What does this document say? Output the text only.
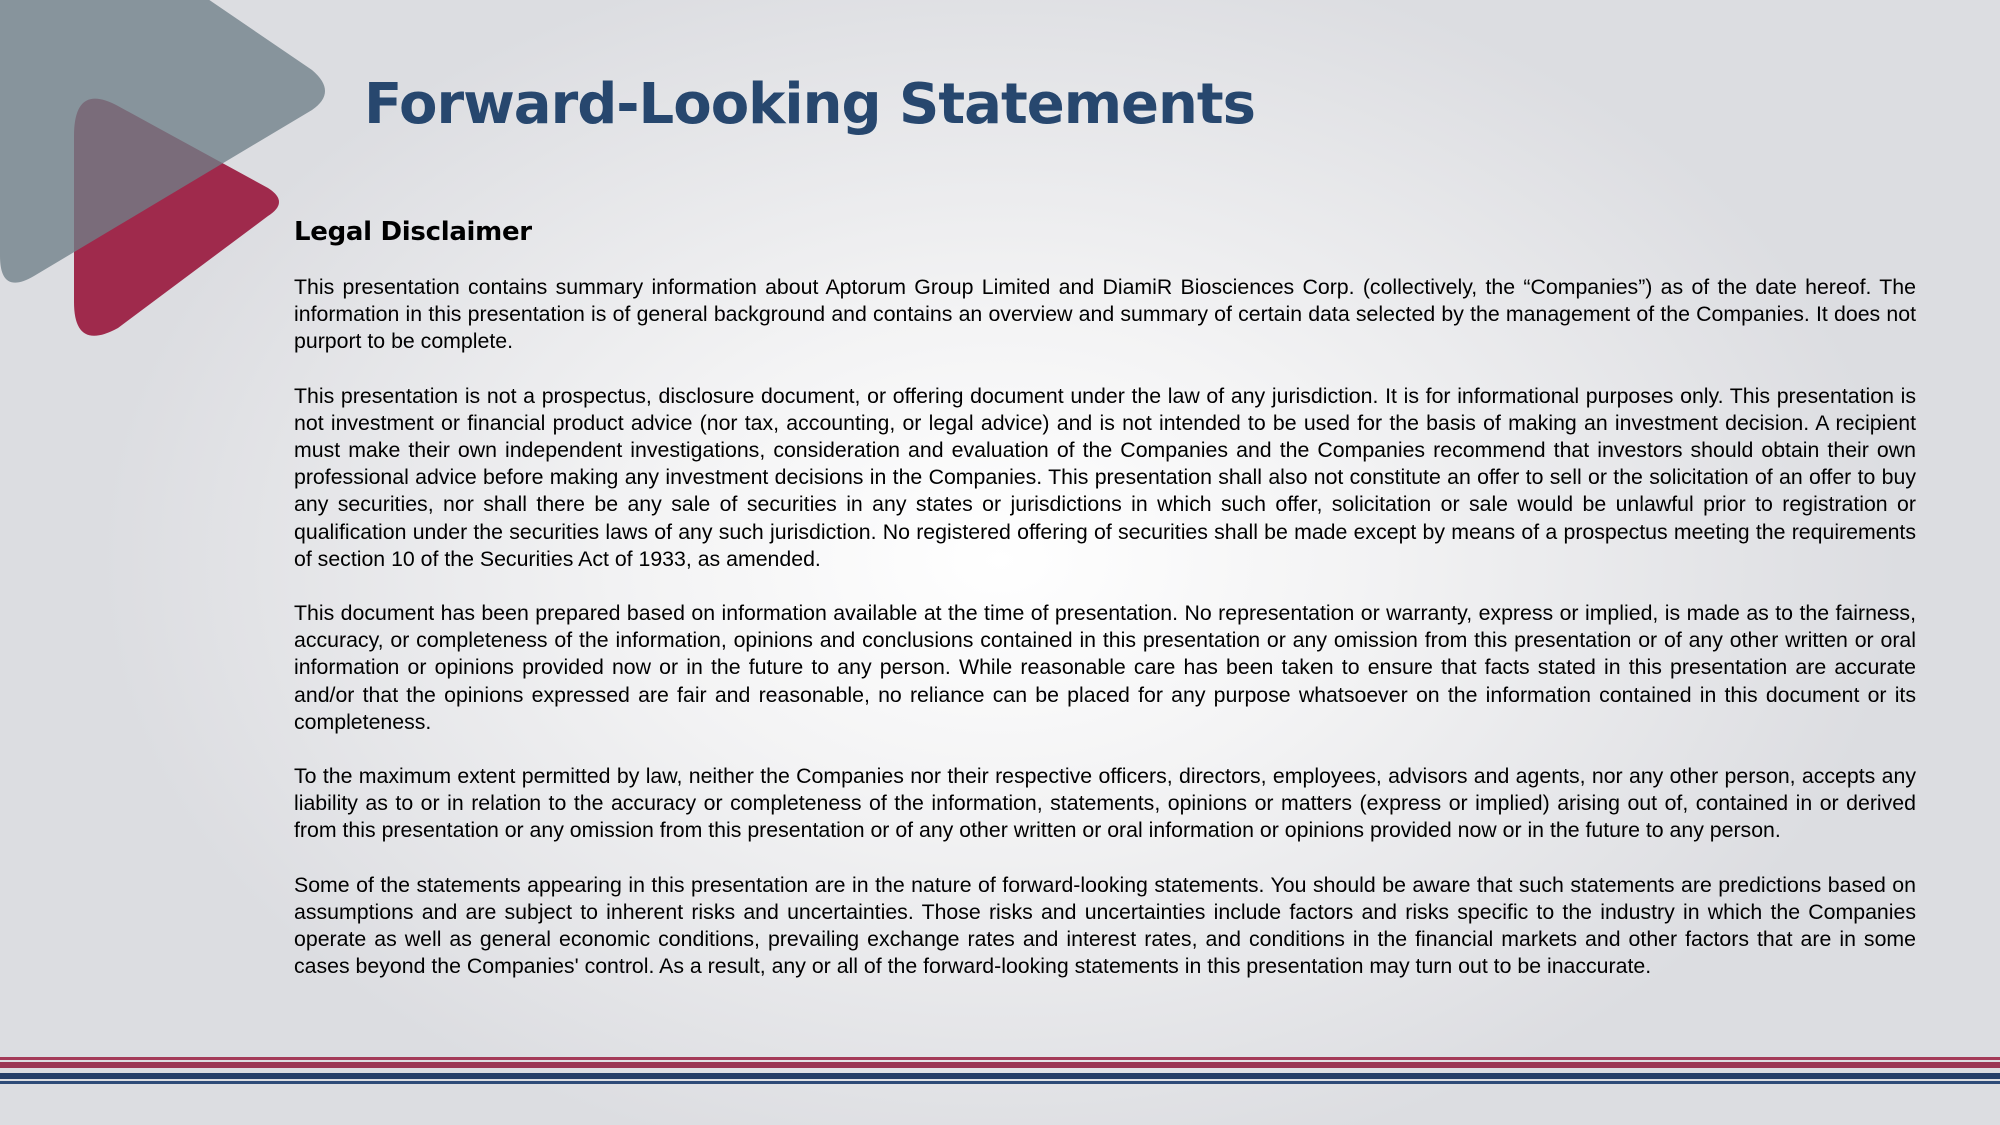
Forward-Looking Statements
Legal Disclaimer

This presentation contains summary information about Aptorum Group Limited and DiamiR Biosciences Corp. (collectively, the “Companies”) as of the date hereof. The information in this presentation is of general background and contains an overview and summary of certain data selected by the management of the Companies. It does not purport to be complete.

This presentation is not a prospectus, disclosure document, or offering document under the law of any jurisdiction. It is for informational purposes only. This presentation is not investment or financial product advice (nor tax, accounting, or legal advice) and is not intended to be used for the basis of making an investment decision. A recipient must make their own independent investigations, consideration and evaluation of the Companies and the Companies recommend that investors should obtain their own professional advice before making any investment decisions in the Companies. This presentation shall also not constitute an offer to sell or the solicitation of an offer to buy any securities, nor shall there be any sale of securities in any states or jurisdictions in which such offer, solicitation or sale would be unlawful prior to registration or qualification under the securities laws of any such jurisdiction. No registered offering of securities shall be made except by means of a prospectus meeting the requirements of section 10 of the Securities Act of 1933, as amended.

This document has been prepared based on information available at the time of presentation. No representation or warranty, express or implied, is made as to the fairness, accuracy, or completeness of the information, opinions and conclusions contained in this presentation or any omission from this presentation or of any other written or oral information or opinions provided now or in the future to any person. While reasonable care has been taken to ensure that facts stated in this presentation are accurate and/or that the opinions expressed are fair and reasonable, no reliance can be placed for any purpose whatsoever on the information contained in this document or its completeness.

To the maximum extent permitted by law, neither the Companies nor their respective officers, directors, employees, advisors and agents, nor any other person, accepts any liability as to or in relation to the accuracy or completeness of the information, statements, opinions or matters (express or implied) arising out of, contained in or derived from this presentation or any omission from this presentation or of any other written or oral information or opinions provided now or in the future to any person.

Some of the statements appearing in this presentation are in the nature of forward-looking statements. You should be aware that such statements are predictions based on assumptions and are subject to inherent risks and uncertainties. Those risks and uncertainties include factors and risks specific to the industry in which the Companies operate as well as general economic conditions, prevailing exchange rates and interest rates, and conditions in the financial markets and other factors that are in some cases beyond the Companies' control. As a result, any or all of the forward-looking statements in this presentation may turn out to be inaccurate.
